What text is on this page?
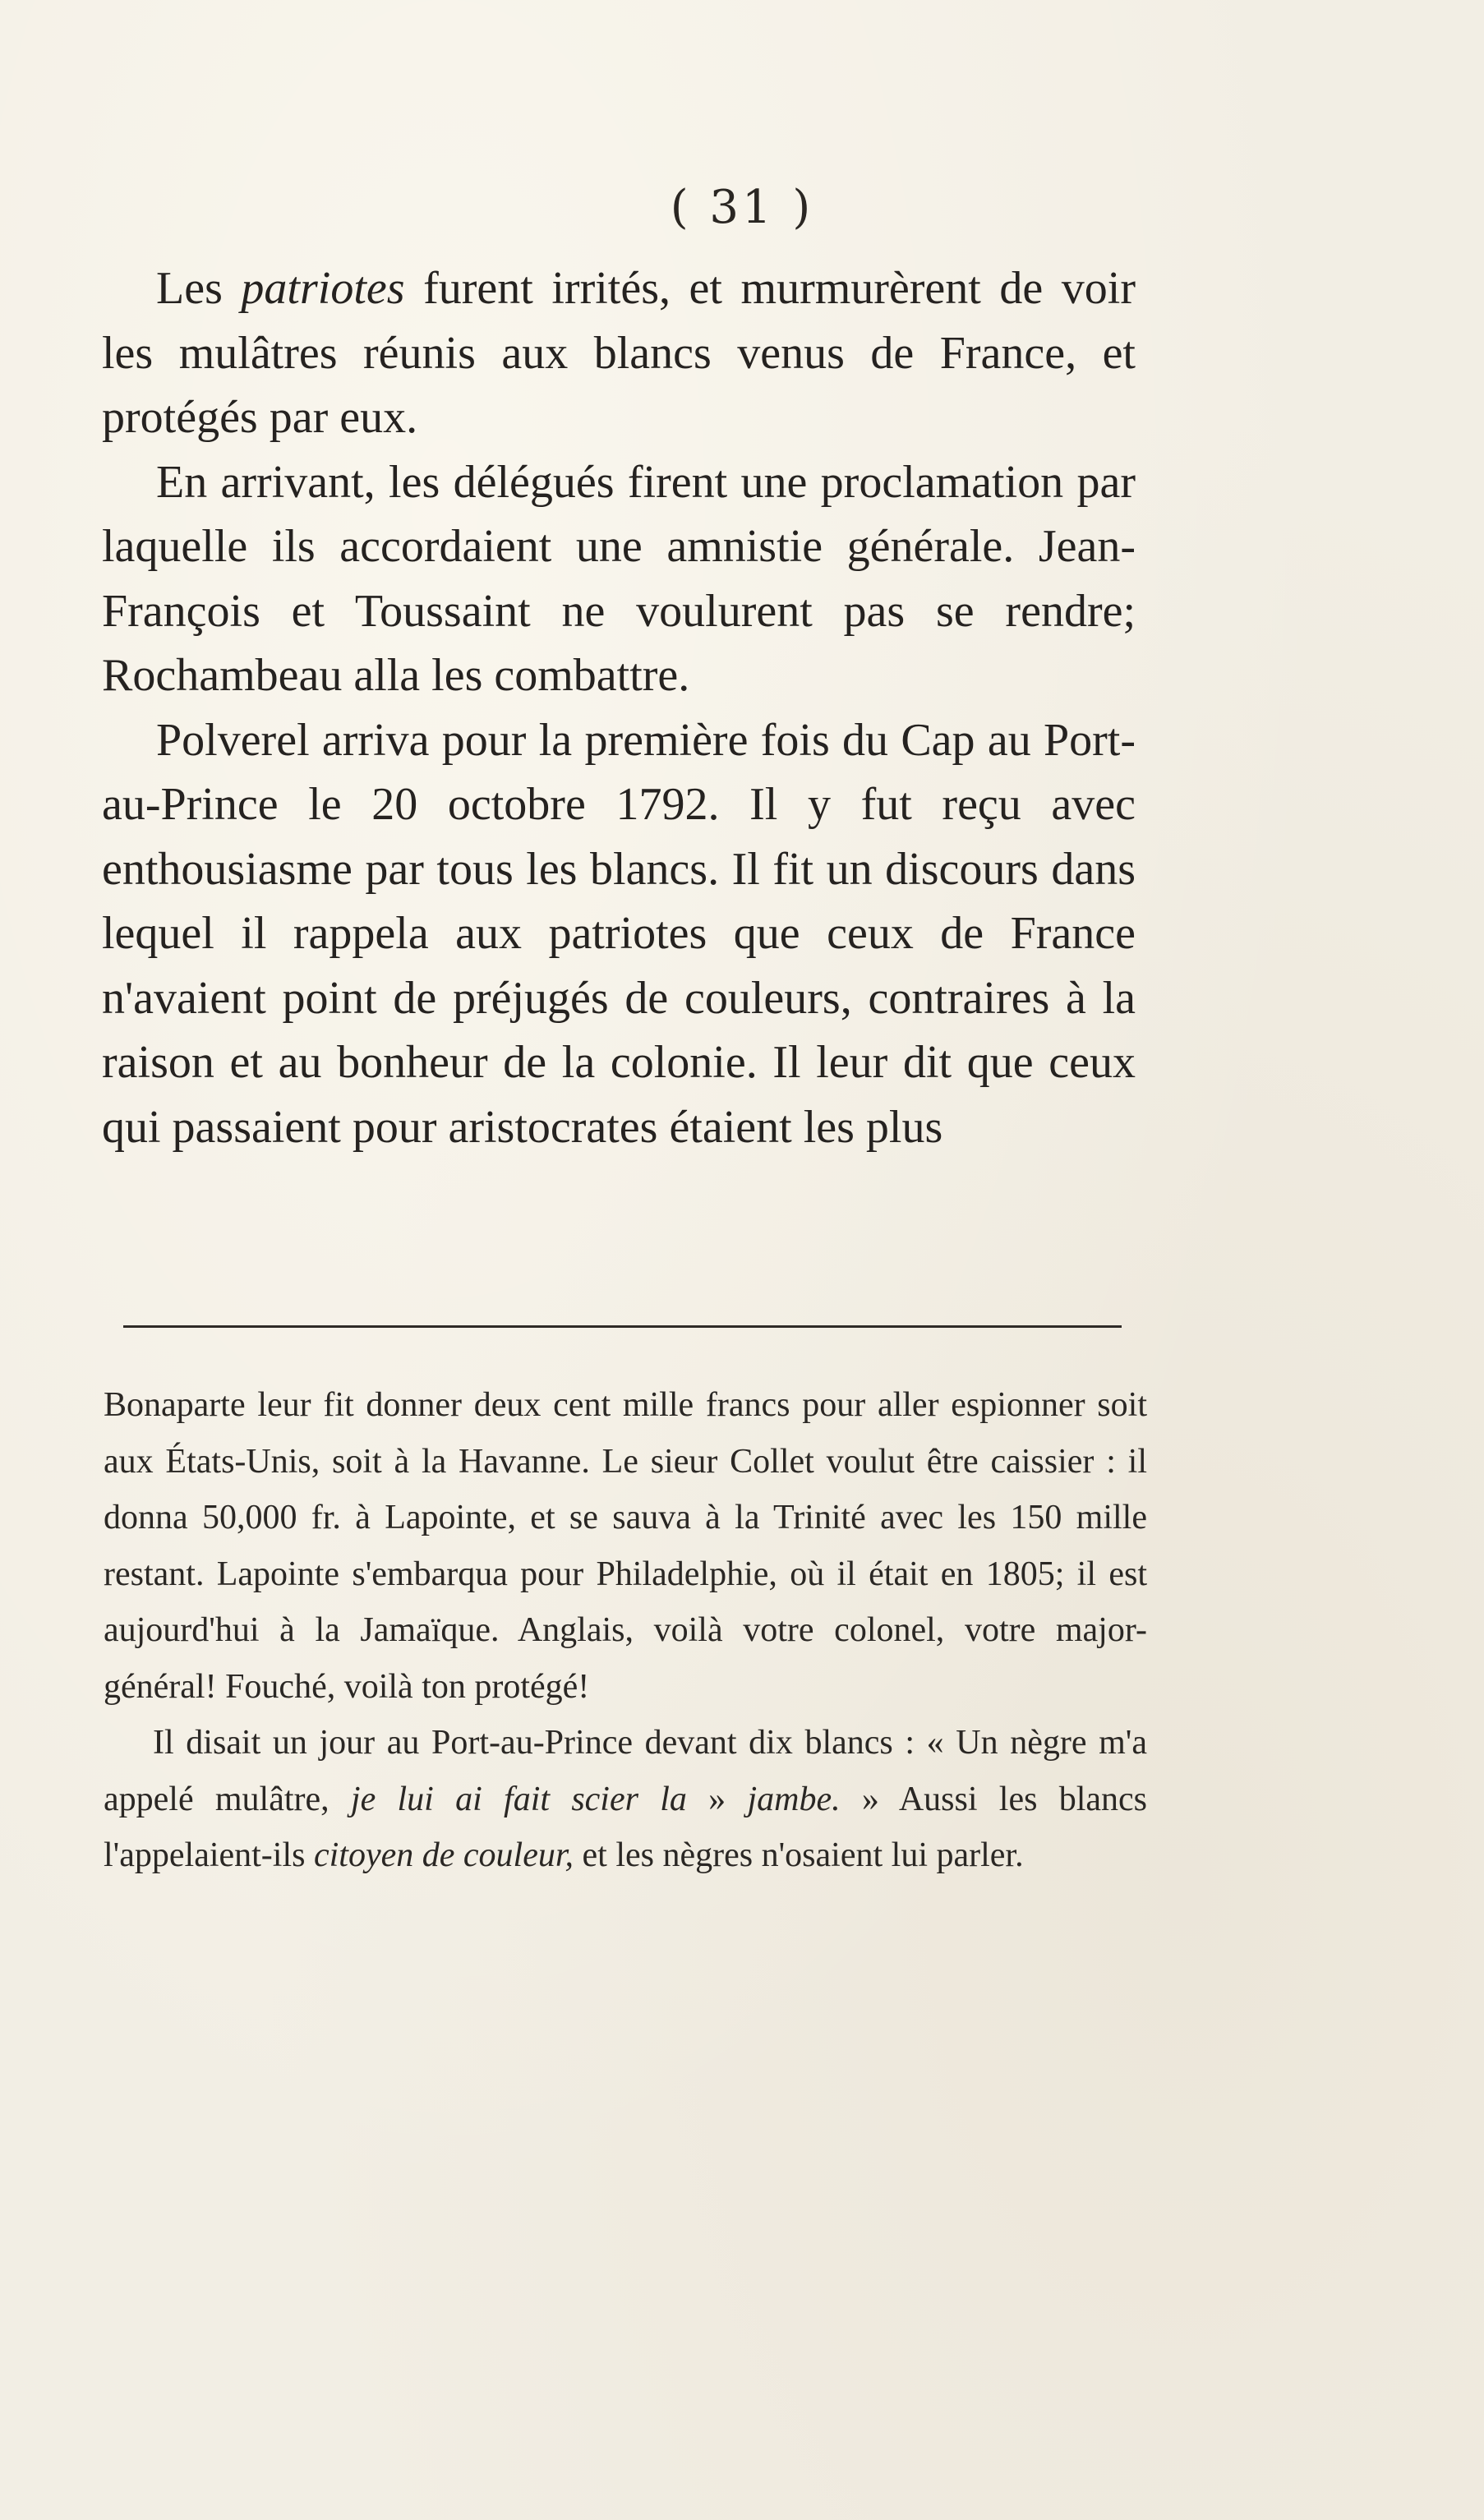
( 31 )

Les patriotes furent irrités, et murmurèrent de voir les mulâtres réunis aux blancs venus de France, et protégés par eux.

En arrivant, les délégués firent une proclamation par laquelle ils accordaient une amnistie générale. Jean-François et Toussaint ne voulurent pas se rendre; Rochambeau alla les combattre.

Polverel arriva pour la première fois du Cap au Port-au-Prince le 20 octobre 1792. Il y fut reçu avec enthousiasme par tous les blancs. Il fit un discours dans lequel il rappela aux patriotes que ceux de France n'avaient point de préjugés de couleurs, contraires à la raison et au bonheur de la colonie. Il leur dit que ceux qui passaient pour aristocrates étaient les plus

Bonaparte leur fit donner deux cent mille francs pour aller espionner soit aux États-Unis, soit à la Havanne. Le sieur Collet voulut être caissier : il donna 50,000 fr. à Lapointe, et se sauva à la Trinité avec les 150 mille restant. Lapointe s'embarqua pour Philadelphie, où il était en 1805; il est aujourd'hui à la Jamaïque. Anglais, voilà votre colonel, votre major-général! Fouché, voilà ton protégé!

Il disait un jour au Port-au-Prince devant dix blancs : « Un nègre m'a appelé mulâtre, je lui ai fait scier la » jambe. » Aussi les blancs l'appelaient-ils citoyen de couleur, et les nègres n'osaient lui parler.
